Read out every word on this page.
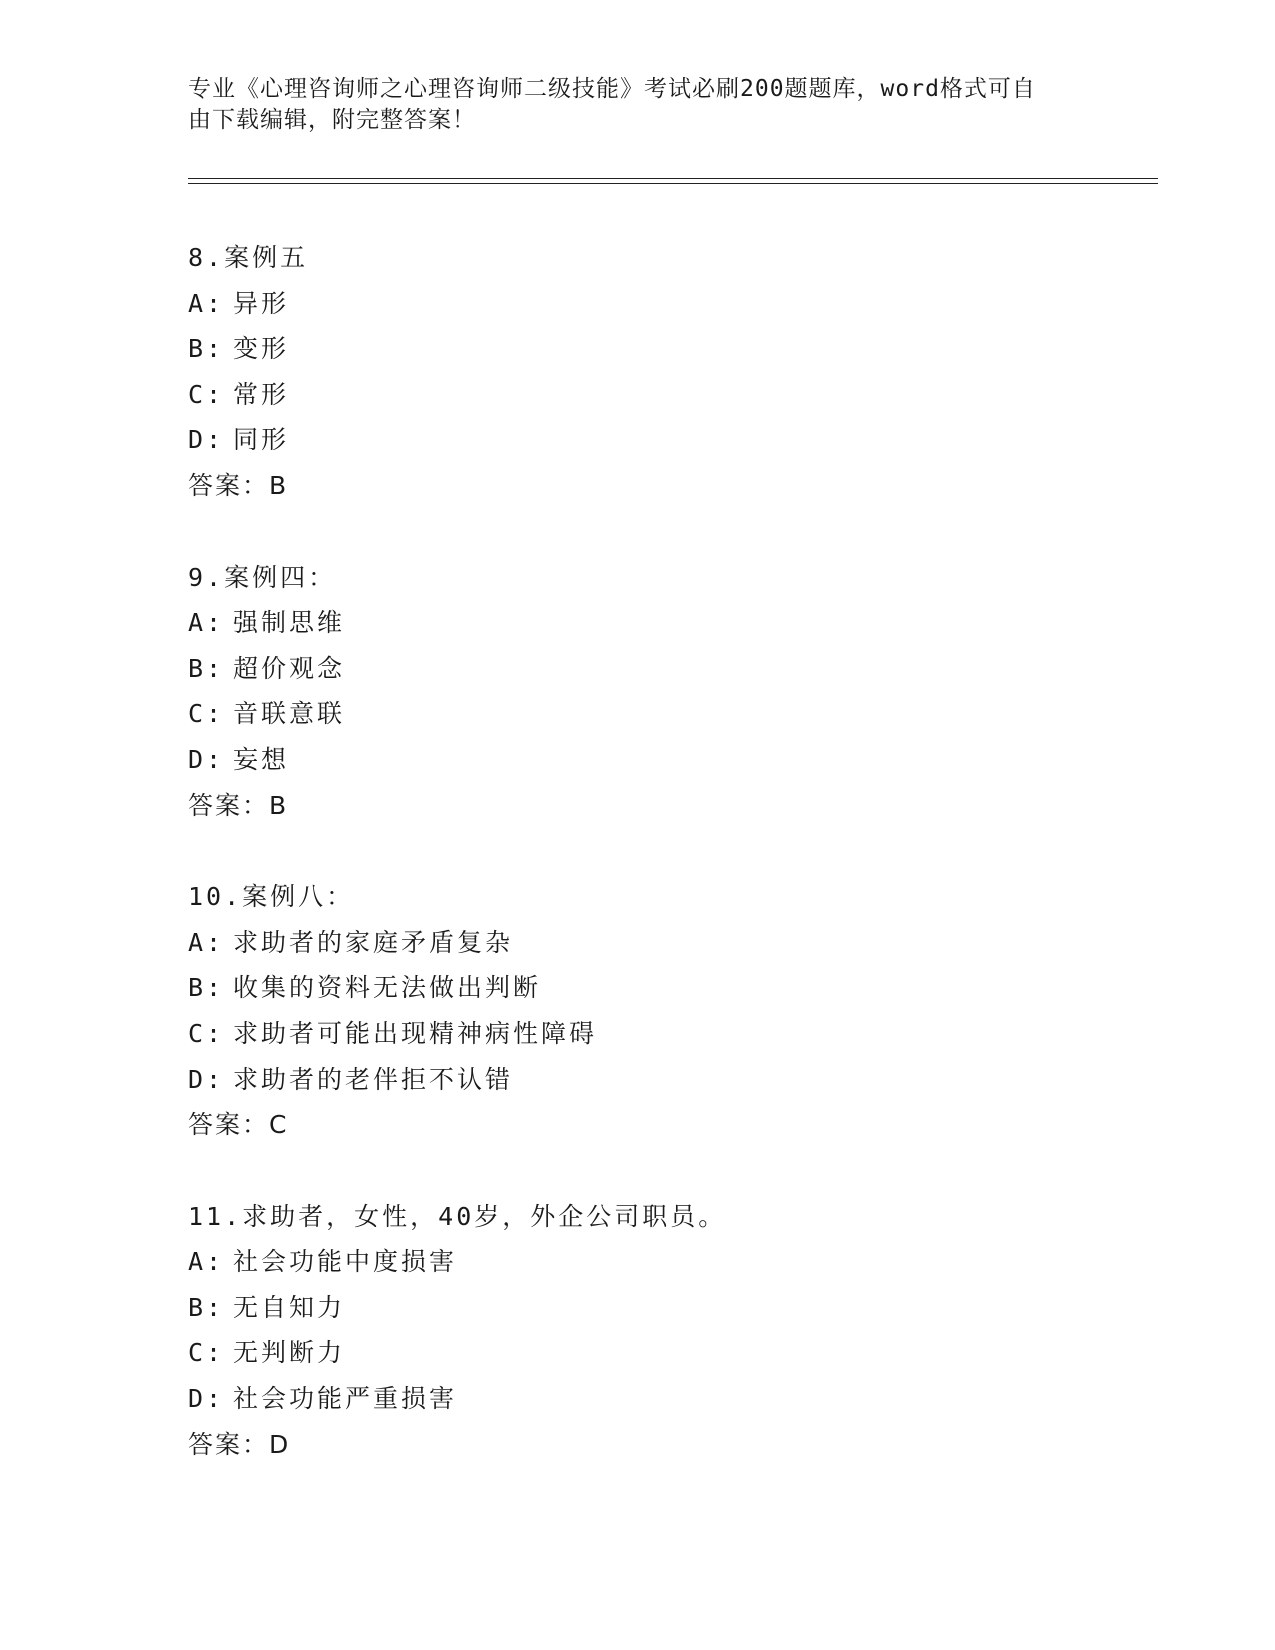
专业《心理咨询师之心理咨询师二级技能》考试必刷200题题库，word格式可自
由下载编辑，附完整答案！
8.案例五
A: 异形
B: 变形
C: 常形
D: 同形
答案：B
9.案例四：
A: 强制思维
B: 超价观念
C: 音联意联
D: 妄想
答案：B
10.案例八：
A: 求助者的家庭矛盾复杂
B: 收集的资料无法做出判断
C: 求助者可能出现精神病性障碍
D: 求助者的老伴拒不认错
答案：C
11.求助者，女性，40岁，外企公司职员。
A: 社会功能中度损害
B: 无自知力
C: 无判断力
D: 社会功能严重损害
答案：D
